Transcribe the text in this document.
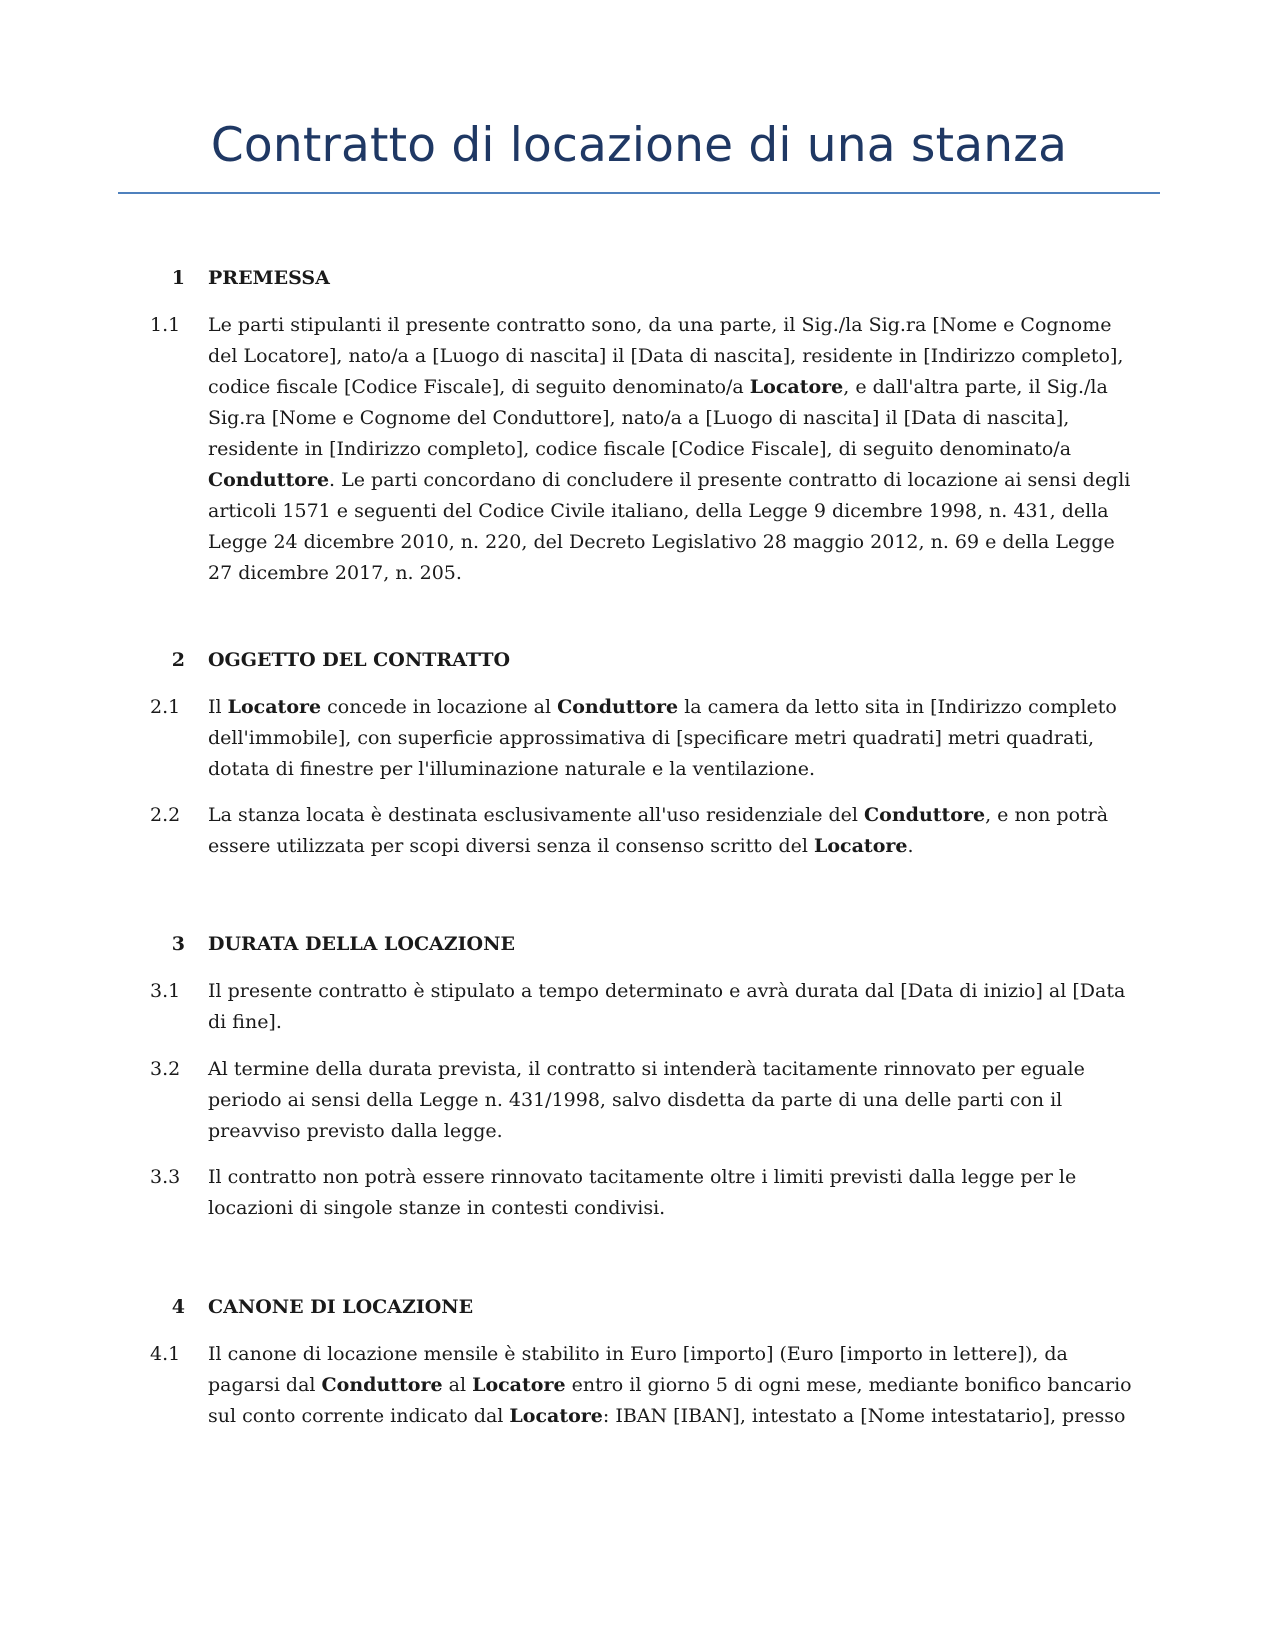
Contratto di locazione di una stanza
1 PREMESSA
1.1	Le parti stipulanti il presente contratto sono, da una parte, il Sig./la Sig.ra [Nome e Cognome
del Locatore], nato/a a [Luogo di nascita] il [Data di nascita], residente in [Indirizzo completo],
codice fiscale [Codice Fiscale], di seguito denominato/a Locatore, e dall'altra parte, il Sig./la
Sig.ra [Nome e Cognome del Conduttore], nato/a a [Luogo di nascita] il [Data di nascita],
residente in [Indirizzo completo], codice fiscale [Codice Fiscale], di seguito denominato/a
Conduttore. Le parti concordano di concludere il presente contratto di locazione ai sensi degli
articoli 1571 e seguenti del Codice Civile italiano, della Legge 9 dicembre 1998, n. 431, della
Legge 24 dicembre 2010, n. 220, del Decreto Legislativo 28 maggio 2012, n. 69 e della Legge
27 dicembre 2017, n. 205.
2 OGGETTO DEL CONTRATTO
2.1	Il Locatore concede in locazione al Conduttore la camera da letto sita in [Indirizzo completo
dell'immobile], con superficie approssimativa di [specificare metri quadrati] metri quadrati,
dotata di finestre per l'illuminazione naturale e la ventilazione.
2.2	La stanza locata è destinata esclusivamente all'uso residenziale del Conduttore, e non potrà
essere utilizzata per scopi diversi senza il consenso scritto del Locatore.
3 DURATA DELLA LOCAZIONE
3.1	Il presente contratto è stipulato a tempo determinato e avrà durata dal [Data di inizio] al [Data
di fine].
3.2	Al termine della durata prevista, il contratto si intenderà tacitamente rinnovato per eguale
periodo ai sensi della Legge n. 431/1998, salvo disdetta da parte di una delle parti con il
preavviso previsto dalla legge.
3.3	Il contratto non potrà essere rinnovato tacitamente oltre i limiti previsti dalla legge per le
locazioni di singole stanze in contesti condivisi.
4 CANONE DI LOCAZIONE
4.1	Il canone di locazione mensile è stabilito in Euro [importo] (Euro [importo in lettere]), da
pagarsi dal Conduttore al Locatore entro il giorno 5 di ogni mese, mediante bonifico bancario
sul conto corrente indicato dal Locatore: IBAN [IBAN], intestato a [Nome intestatario], presso
